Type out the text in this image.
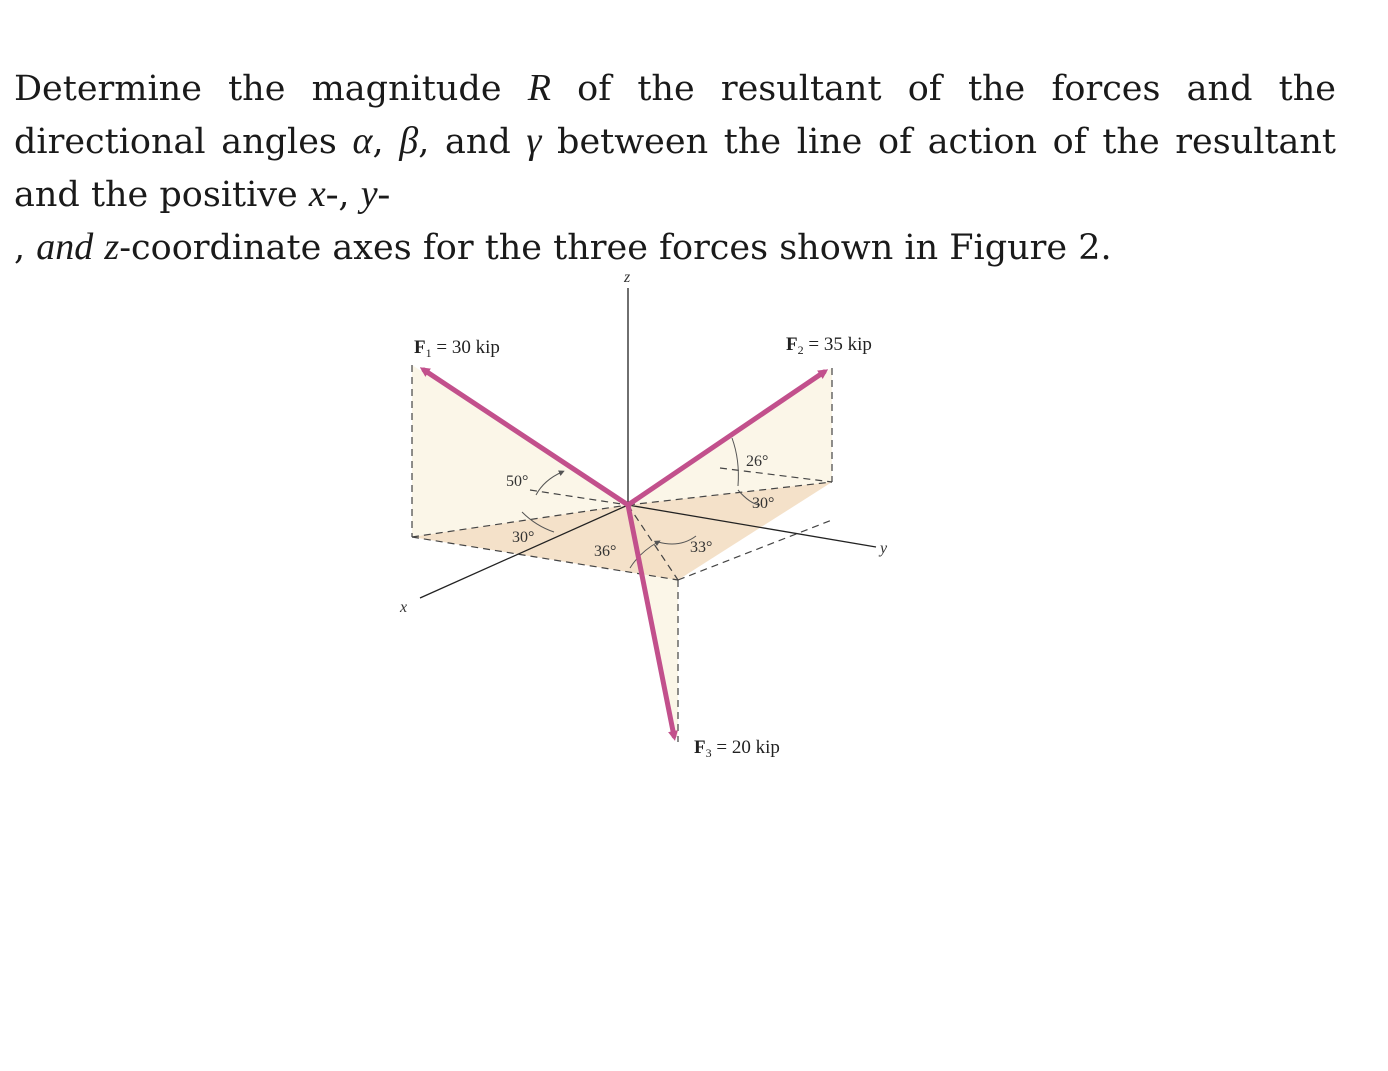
Determine the magnitude R of the resultant of the forces and the directional angles α, β, and γ between the line of action of the resultant and the positive x-, y-
, and z-coordinate axes for the three forces shown in Figure 2.

z
x
y
$F_1 = 30$ kip	$F_2 = 35$ kip
$F_3 = 20$ kip
50°
30°
36°	33°
26°
30°
